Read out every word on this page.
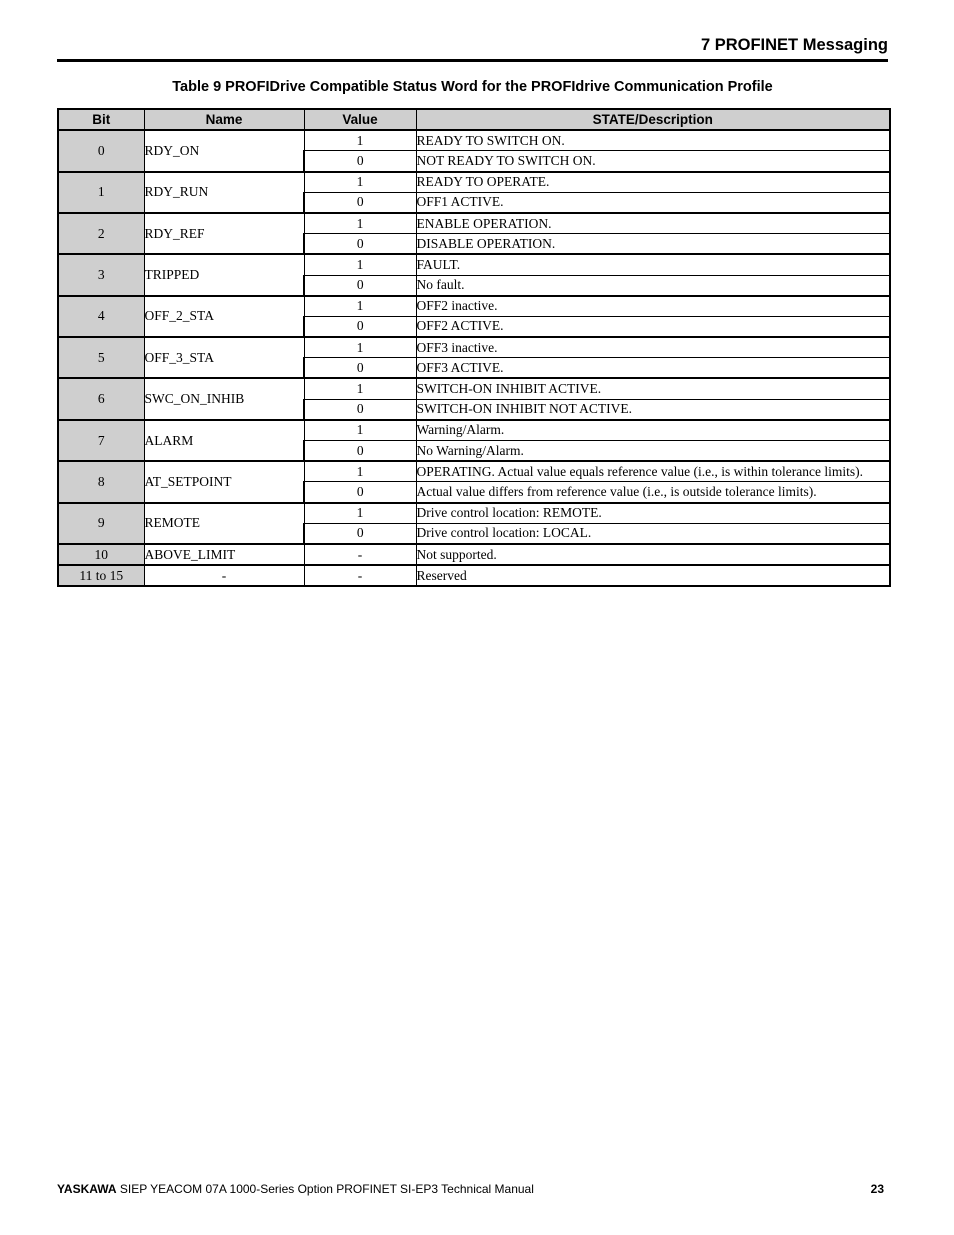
7 PROFINET Messaging
Table 9 PROFIDrive Compatible Status Word for the PROFIdrive Communication Profile
Bit	Name	Value	STATE/Description
0	RDY_ON	1	READY TO SWITCH ON.
		0	NOT READY TO SWITCH ON.
1	RDY_RUN	1	READY TO OPERATE.
		0	OFF1 ACTIVE.
2	RDY_REF	1	ENABLE OPERATION.
		0	DISABLE OPERATION.
3	TRIPPED	1	FAULT.
		0	No fault.
4	OFF_2_STA	1	OFF2 inactive.
		0	OFF2 ACTIVE.
5	OFF_3_STA	1	OFF3 inactive.
		0	OFF3 ACTIVE.
6	SWC_ON_INHIB	1	SWITCH-ON INHIBIT ACTIVE.
		0	SWITCH-ON INHIBIT NOT ACTIVE.
7	ALARM	1	Warning/Alarm.
		0	No Warning/Alarm.
8	AT_SETPOINT	1	OPERATING. Actual value equals reference value (i.e., is within tolerance limits).
		0	Actual value differs from reference value (i.e., is outside tolerance limits).
9	REMOTE	1	Drive control location: REMOTE.
		0	Drive control location: LOCAL.
10	ABOVE_LIMIT	-	Not supported.
11 to 15	-	-	Reserved
YASKAWA SIEP YEACOM 07A 1000-Series Option PROFINET SI-EP3 Technical Manual	23
